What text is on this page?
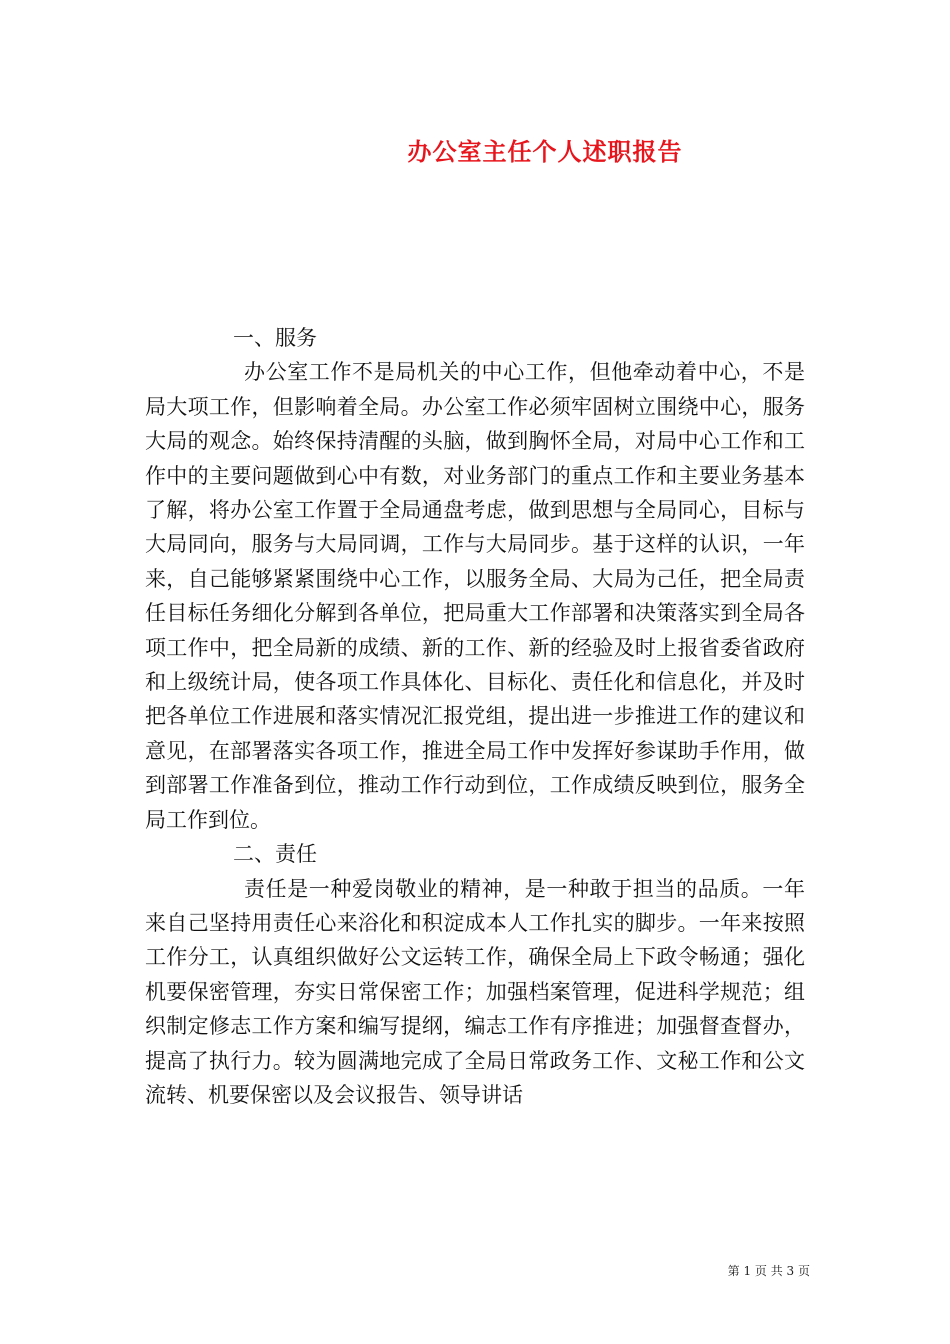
办公室主任个人述职报告

一、服务

办公室工作不是局机关的中心工作，但他牵动着中心，不是局大项工作，但影响着全局。办公室工作必须牢固树立围绕中心，服务大局的观念。始终保持清醒的头脑，做到胸怀全局，对局中心工作和工作中的主要问题做到心中有数，对业务部门的重点工作和主要业务基本了解，将办公室工作置于全局通盘考虑，做到思想与全局同心，目标与大局同向，服务与大局同调，工作与大局同步。基于这样的认识，一年来，自己能够紧紧围绕中心工作，以服务全局、大局为己任，把全局责任目标任务细化分解到各单位，把局重大工作部署和决策落实到全局各项工作中，把全局新的成绩、新的工作、新的经验及时上报省委省政府和上级统计局，使各项工作具体化、目标化、责任化和信息化，并及时把各单位工作进展和落实情况汇报党组，提出进一步推进工作的建议和意见，在部署落实各项工作，推进全局工作中发挥好参谋助手作用，做到部署工作准备到位，推动工作行动到位，工作成绩反映到位，服务全局工作到位。

二、责任

责任是一种爱岗敬业的精神，是一种敢于担当的品质。一年来自己坚持用责任心来浴化和积淀成本人工作扎实的脚步。一年来按照工作分工，认真组织做好公文运转工作，确保全局上下政令畅通；强化机要保密管理，夯实日常保密工作；加强档案管理，促进科学规范；组织制定修志工作方案和编写提纲，编志工作有序推进；加强督查督办，提高了执行力。较为圆满地完成了全局日常政务工作、文秘工作和公文流转、机要保密以及会议报告、领导讲话

第 1 页 共 3 页
